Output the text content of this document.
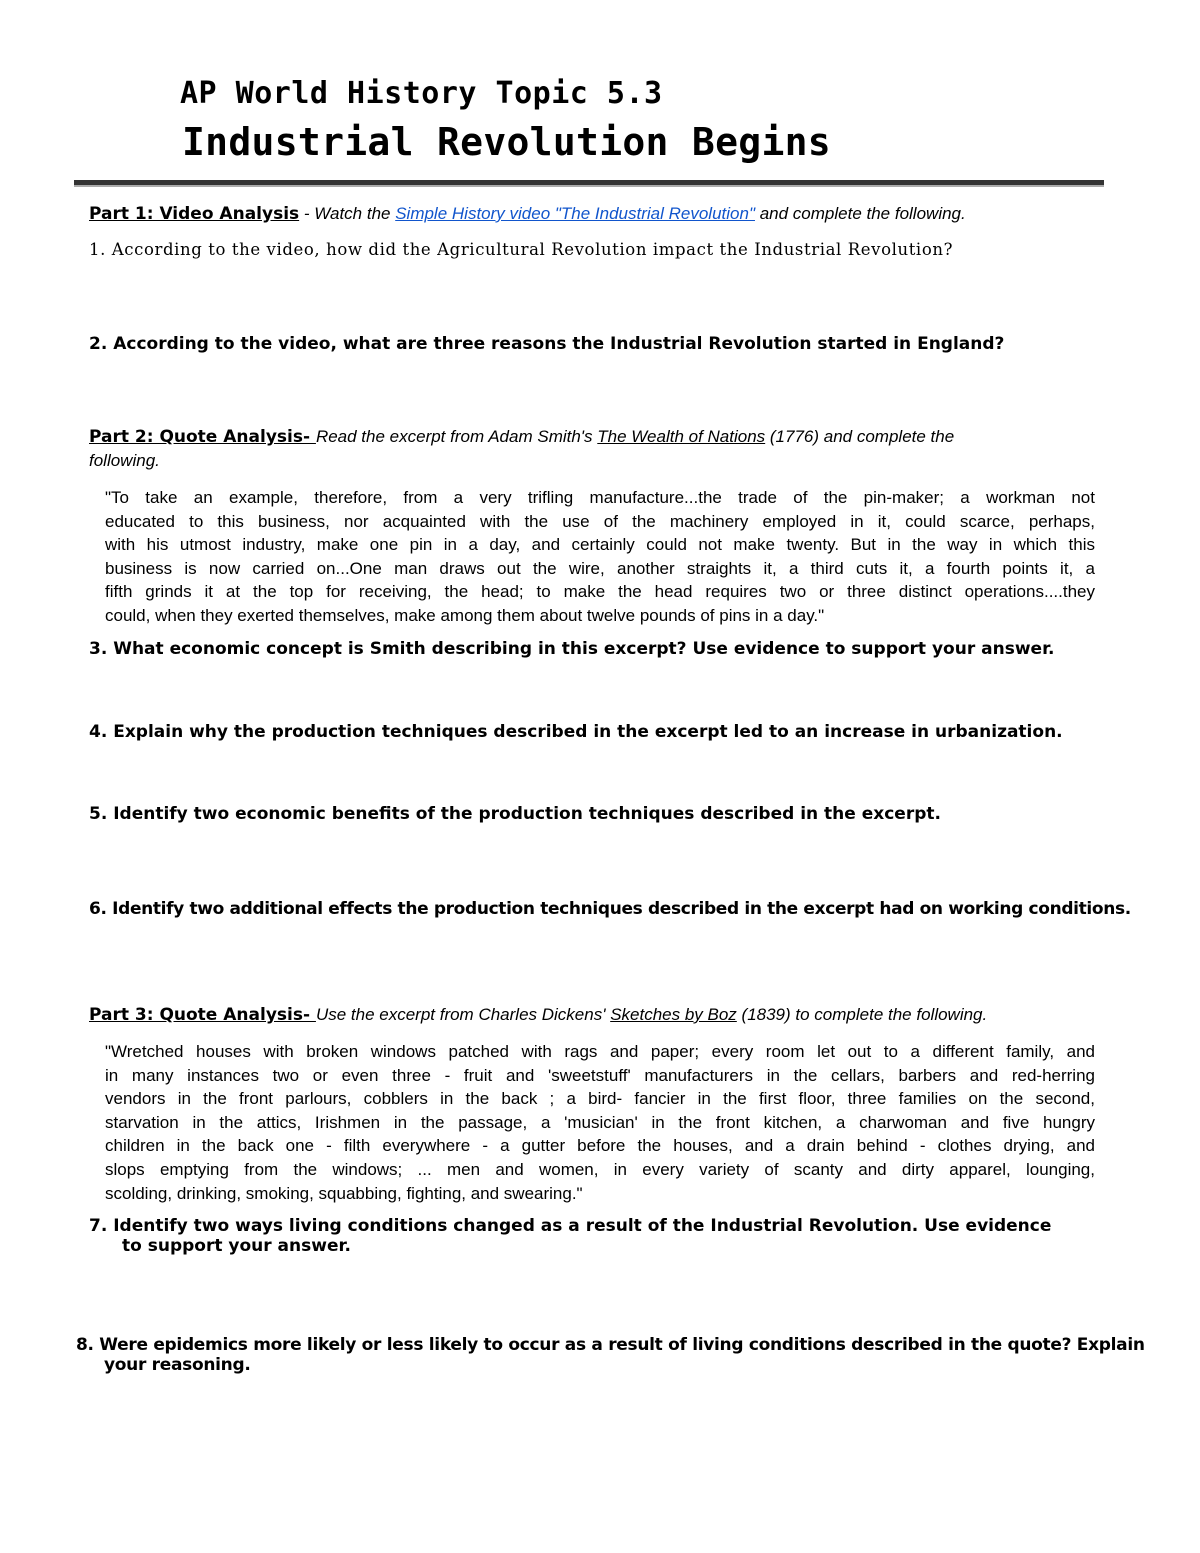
AP World History Topic 5.3
Industrial Revolution Begins
Part 1: Video Analysis - Watch the Simple History video "The Industrial Revolution" and complete the following.
1. According to the video, how did the Agricultural Revolution impact the Industrial Revolution?
2. According to the video, what are three reasons the Industrial Revolution started in England?
Part 2: Quote Analysis- Read the excerpt from Adam Smith's The Wealth of Nations (1776) and complete the
following.
"To take an example, therefore, from a very trifling manufacture...the trade of the pin-maker; a workman not
educated to this business, nor acquainted with the use of the machinery employed in it, could scarce, perhaps,
with his utmost industry, make one pin in a day, and certainly could not make twenty. But in the way in which this
business is now carried on...One man draws out the wire, another straights it, a third cuts it, a fourth points it, a
fifth grinds it at the top for receiving, the head; to make the head requires two or three distinct operations....they
could, when they exerted themselves, make among them about twelve pounds of pins in a day."
3. What economic concept is Smith describing in this excerpt? Use evidence to support your answer.
4. Explain why the production techniques described in the excerpt led to an increase in urbanization.
5. Identify two economic benefits of the production techniques described in the excerpt.
6. Identify two additional effects the production techniques described in the excerpt had on working conditions.
Part 3: Quote Analysis- Use the excerpt from Charles Dickens' Sketches by Boz (1839) to complete the following.
"Wretched houses with broken windows patched with rags and paper; every room let out to a different family, and
in many instances two or even three - fruit and 'sweetstuff' manufacturers in the cellars, barbers and red-herring
vendors in the front parlours, cobblers in the back ; a bird- fancier in the first floor, three families on the second,
starvation in the attics, Irishmen in the passage, a 'musician' in the front kitchen, a charwoman and five hungry
children in the back one - filth everywhere - a gutter before the houses, and a drain behind - clothes drying, and
slops emptying from the windows; ... men and women, in every variety of scanty and dirty apparel, lounging,
scolding, drinking, smoking, squabbing, fighting, and swearing."
7. Identify two ways living conditions changed as a result of the Industrial Revolution. Use evidence
to support your answer.
8. Were epidemics more likely or less likely to occur as a result of living conditions described in the quote? Explain
your reasoning.
